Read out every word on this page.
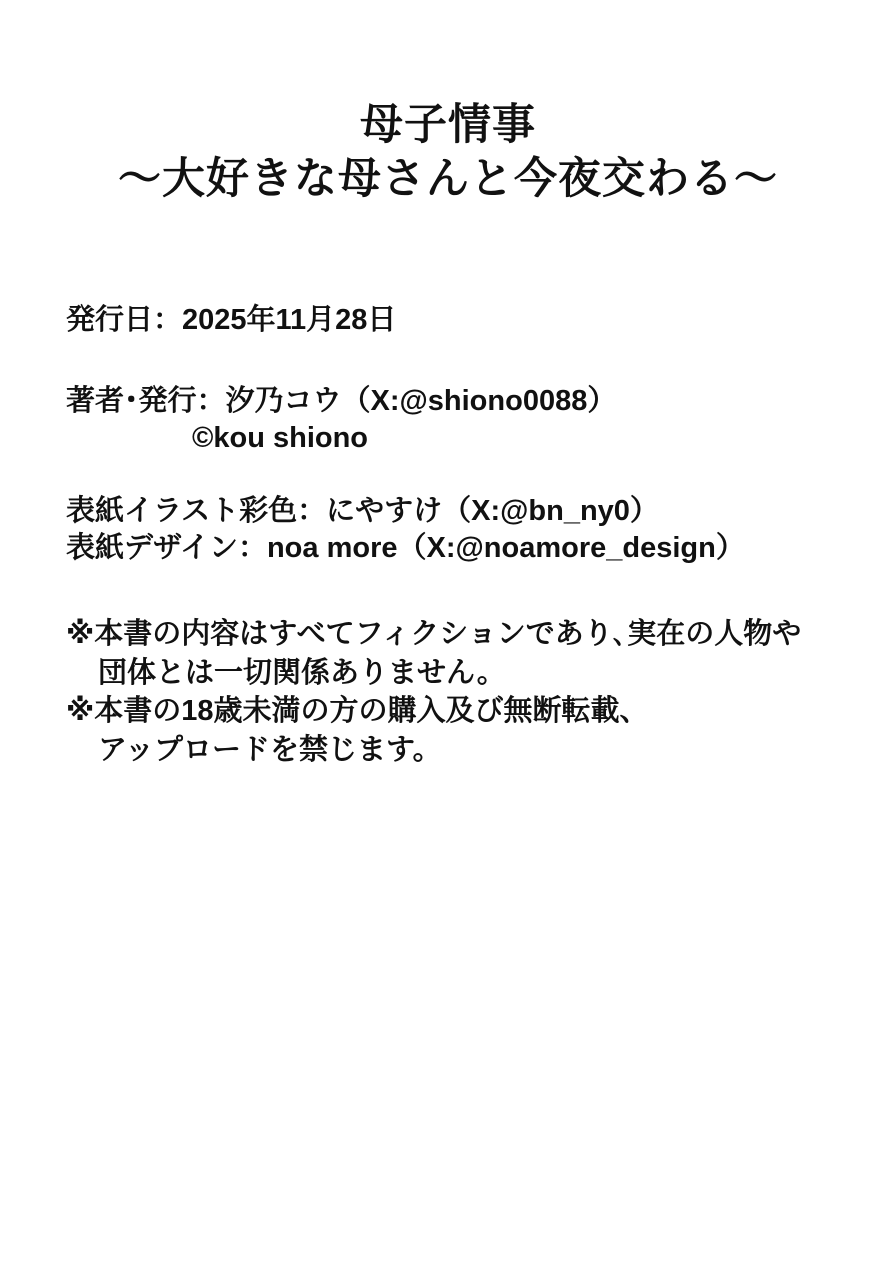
母子情事
～大好きな母さんと今夜交わる～

発行日：2025年11月28日

著者･発行：汐乃コウ（X:@shiono0088）

©kou shiono

表紙イラスト彩色：にやすけ（X:@bn_ny0）

表紙デザイン：noa more（X:@noamore_design）

※本書の内容はすべてフィクションであり､実在の人物や

団体とは一切関係ありません。

※本書の18歳未満の方の購入及び無断転載、

アップロードを禁じます。
